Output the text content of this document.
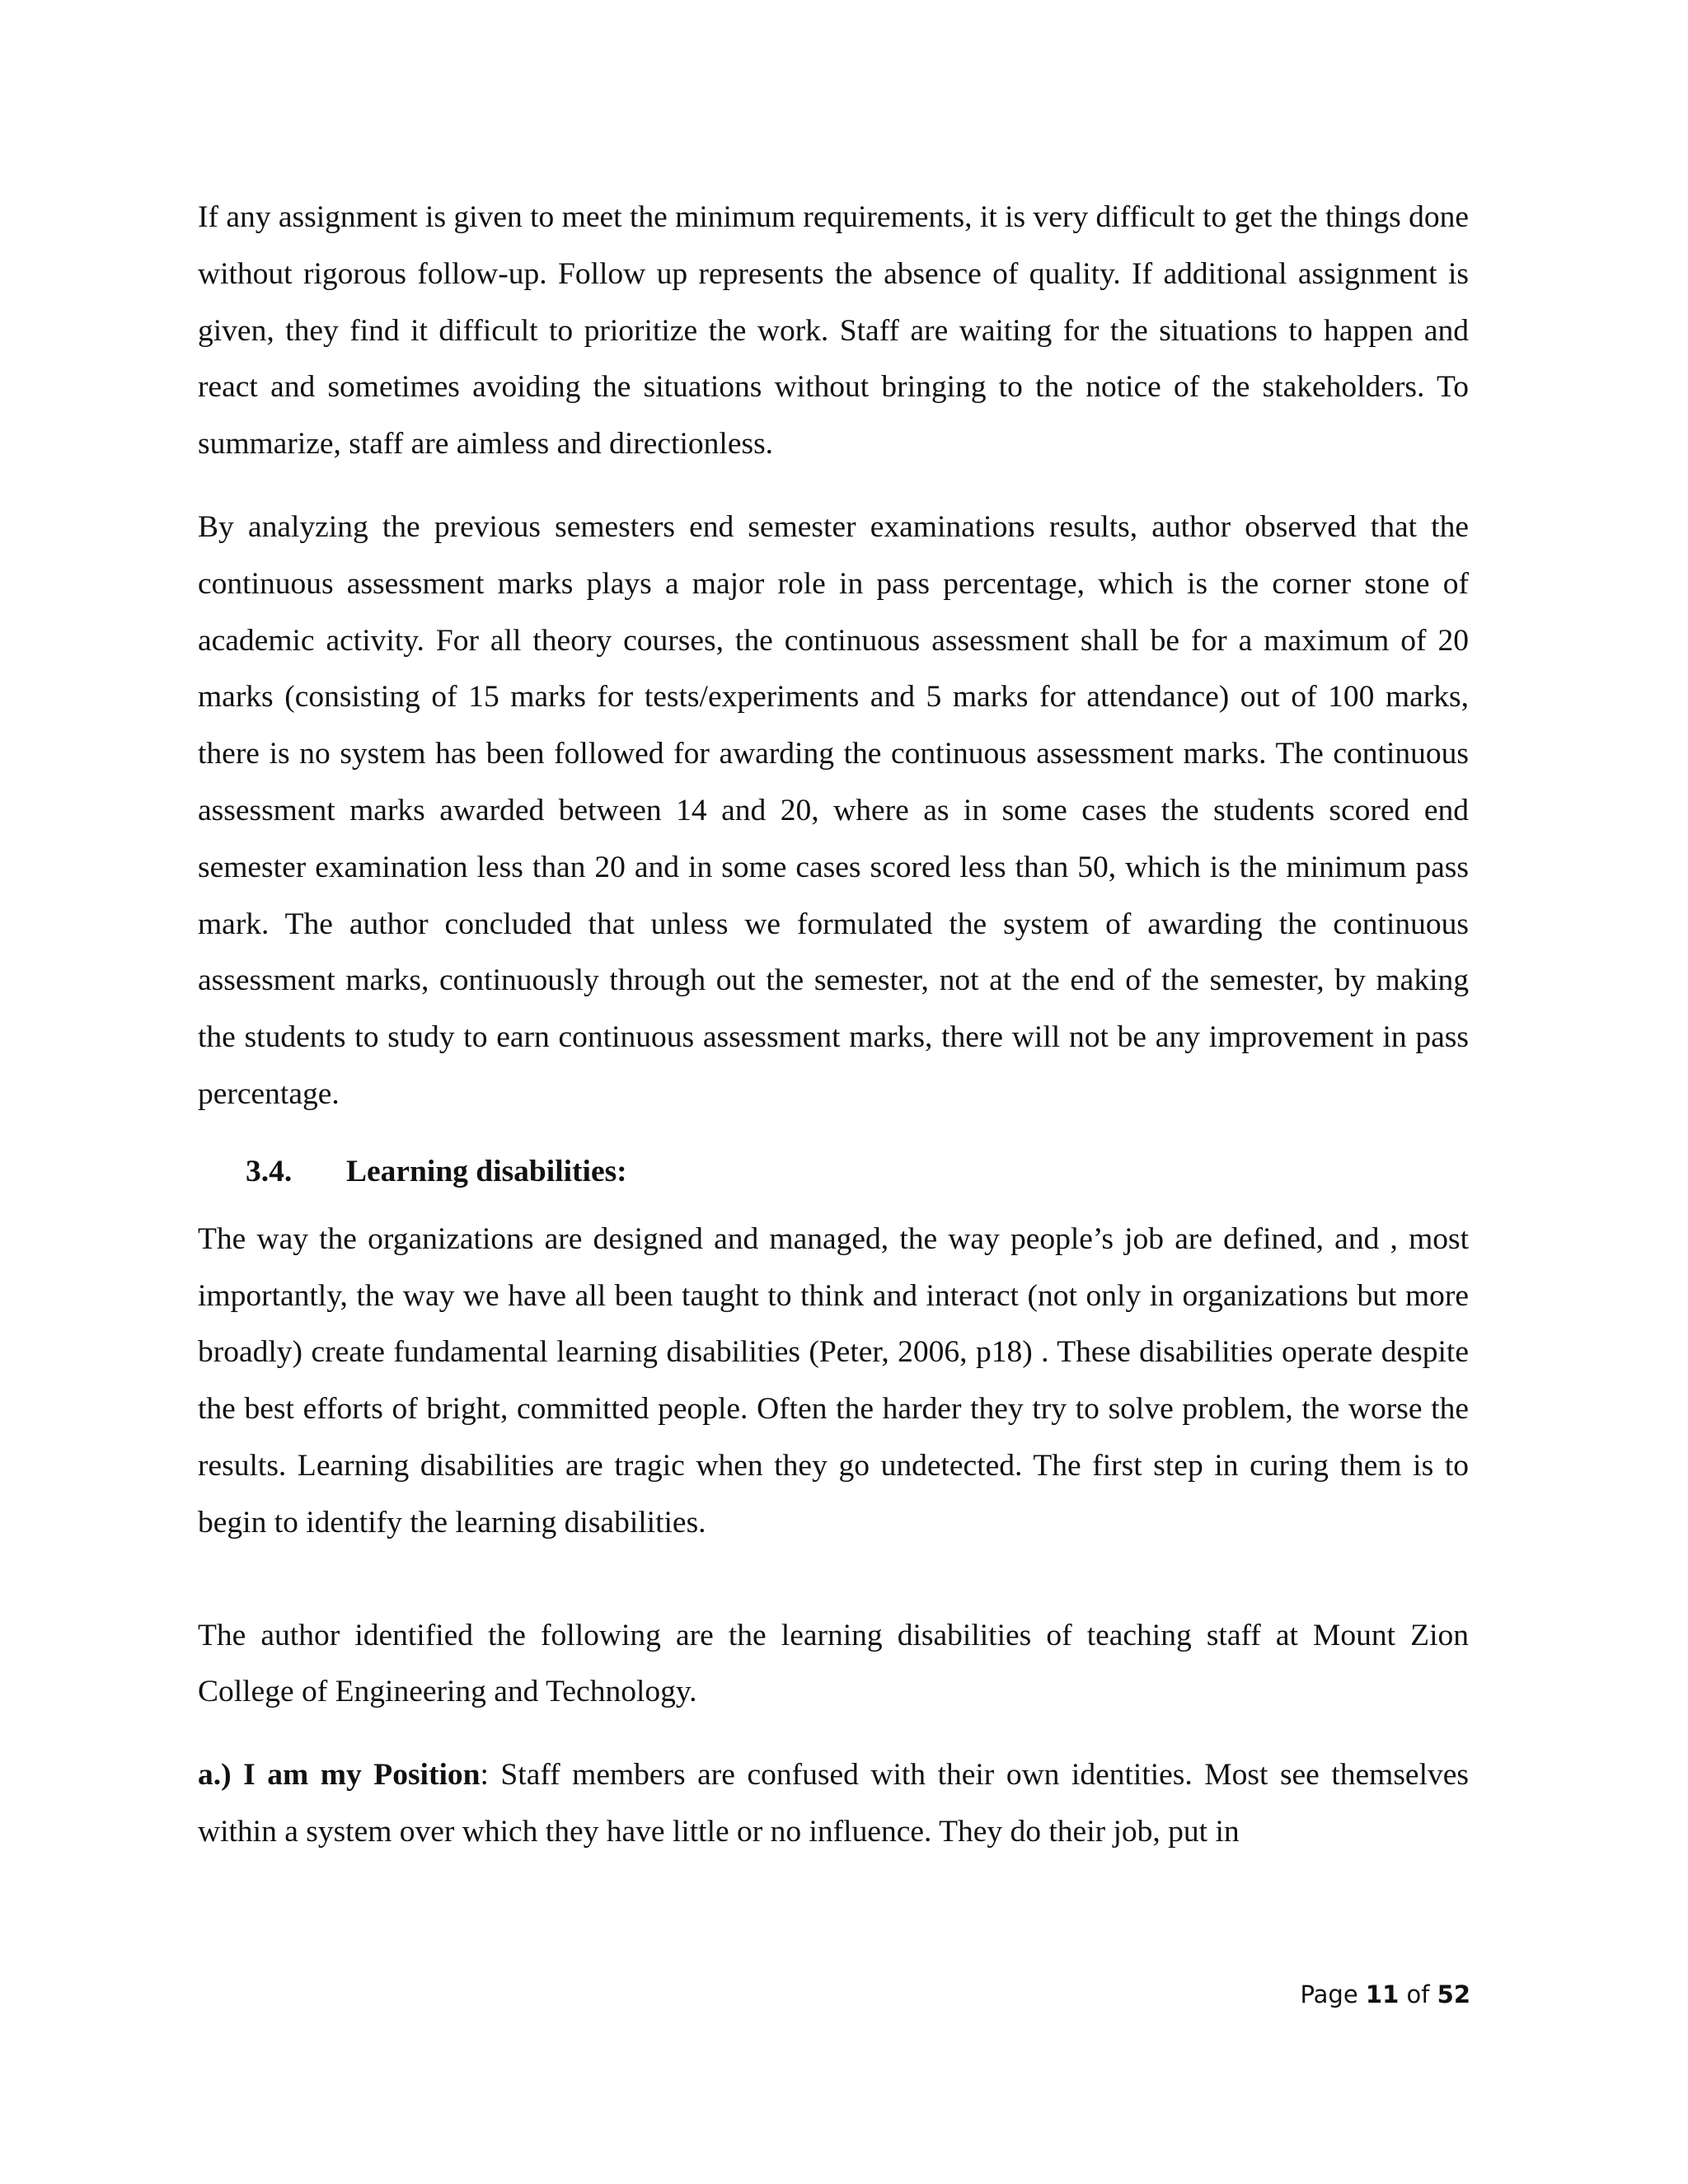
If any assignment is given to meet the minimum requirements, it is very difficult to get the things done without rigorous follow-up. Follow up represents the absence of quality. If additional assignment is given, they find it difficult to prioritize the work. Staff are waiting for the situations to happen and react and sometimes avoiding the situations without bringing to the notice of the stakeholders. To summarize, staff are aimless and directionless.

By analyzing the previous semesters end semester examinations results, author observed that the continuous assessment marks plays a major role in pass percentage, which is the corner stone of academic activity. For all theory courses, the continuous assessment shall be for a maximum of 20 marks (consisting of 15 marks for tests/experiments and 5 marks for attendance) out of 100 marks, there is no system has been followed for awarding the continuous assessment marks. The continuous assessment marks awarded between 14 and 20, where as in some cases the students scored end semester examination less than 20 and in some cases scored less than 50, which is the minimum pass mark. The author concluded that unless we formulated the system of awarding the continuous assessment marks, continuously through out the semester, not at the end of the semester, by making the students to study to earn continuous assessment marks, there will not be any improvement in pass percentage.

3.4. Learning disabilities:

The way the organizations are designed and managed, the way people’s job are defined, and , most importantly, the way we have all been taught to think and interact (not only in organizations but more broadly) create fundamental learning disabilities (Peter, 2006, p18) . These disabilities operate despite the best efforts of bright, committed people. Often the harder they try to solve problem, the worse the results. Learning disabilities are tragic when they go undetected. The first step in curing them is to begin to identify the learning disabilities.

The author identified the following are the learning disabilities of teaching staff at Mount Zion College of Engineering and Technology.

a.) I am my Position: Staff members are confused with their own identities. Most see themselves within a system over which they have little or no influence. They do their job, put in

Page 11 of 52
